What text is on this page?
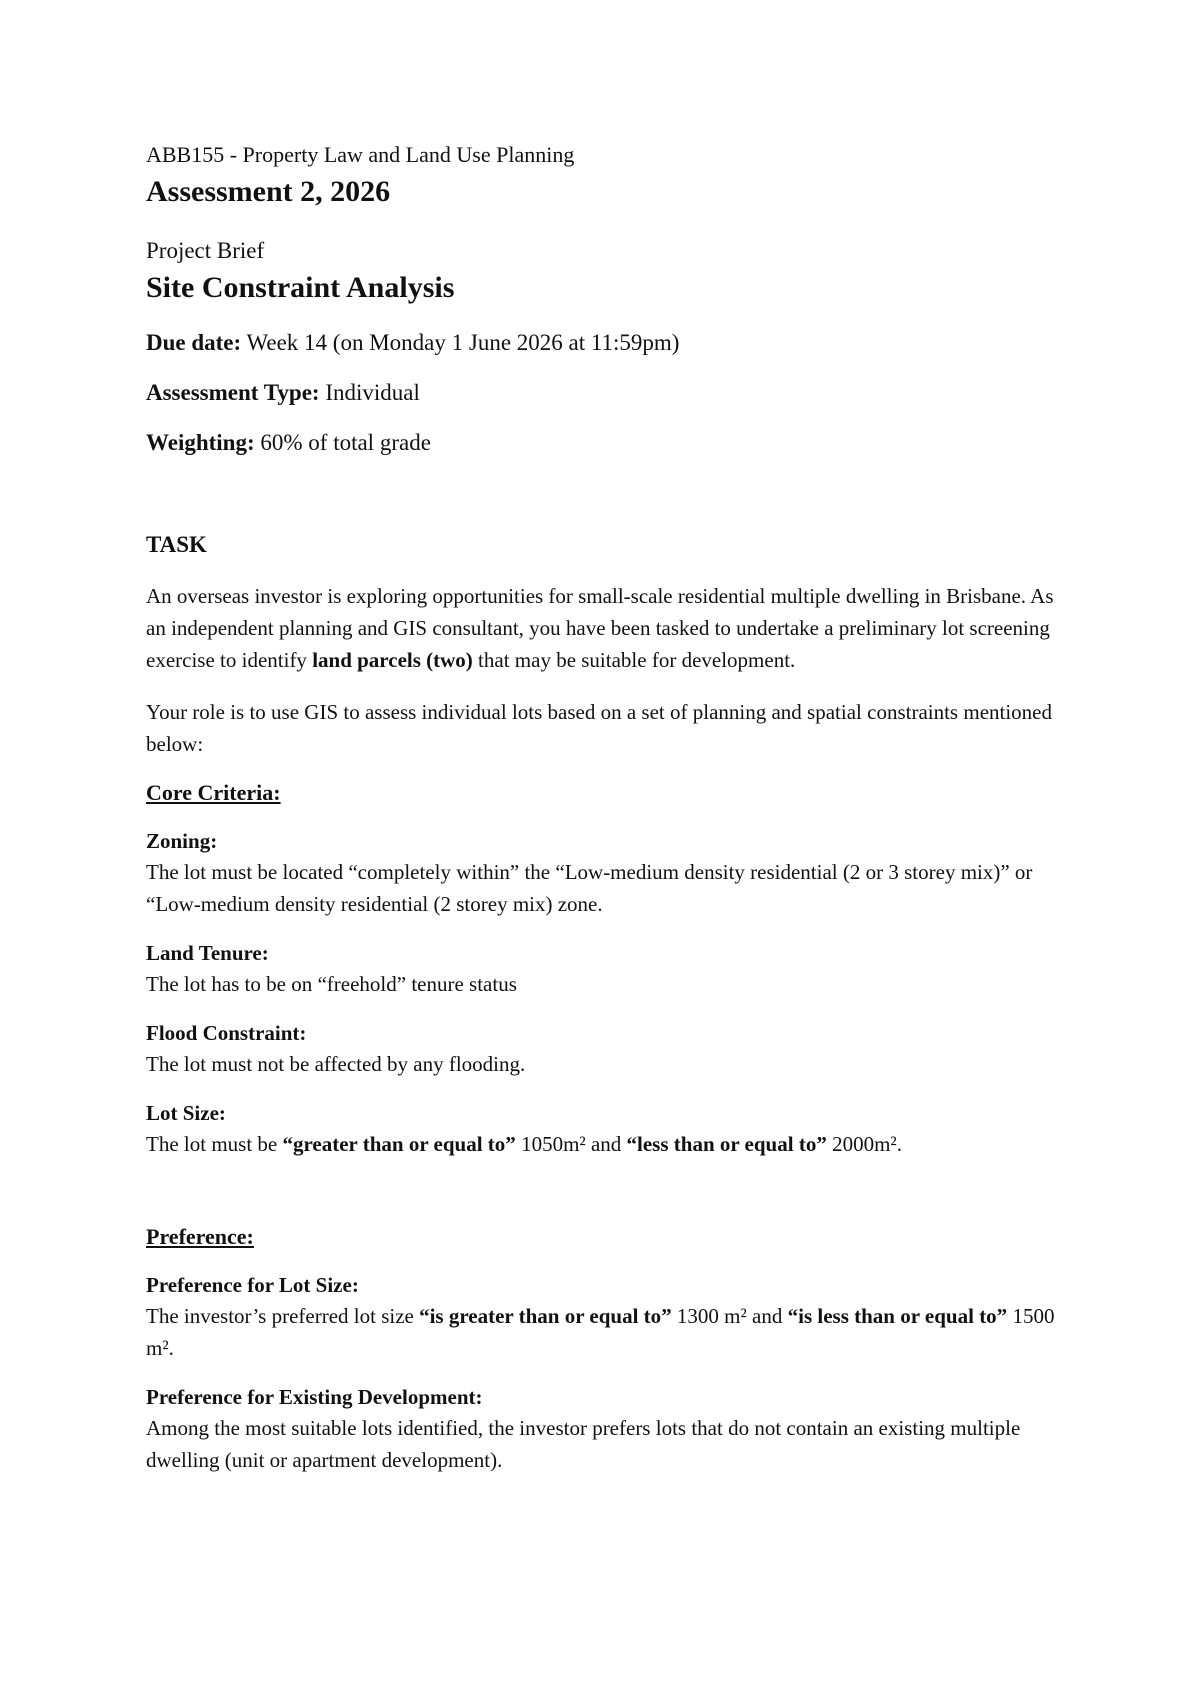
ABB155 - Property Law and Land Use Planning

Assessment 2, 2026

Project Brief

Site Constraint Analysis

Due date: Week 14 (on Monday 1 June 2026 at 11:59pm)

Assessment Type: Individual

Weighting: 60% of total grade

TASK

An overseas investor is exploring opportunities for small-scale residential multiple dwelling in Brisbane. As an independent planning and GIS consultant, you have been tasked to undertake a preliminary lot screening exercise to identify land parcels (two) that may be suitable for development.

Your role is to use GIS to assess individual lots based on a set of planning and spatial constraints mentioned below:

Core Criteria:

Zoning:
The lot must be located “completely within” the “Low-medium density residential (2 or 3 storey mix)” or “Low-medium density residential (2 storey mix) zone.
Land Tenure:
The lot has to be on “freehold” tenure status
Flood Constraint:
The lot must not be affected by any flooding.
Lot Size:
The lot must be “greater than or equal to” 1050m² and “less than or equal to” 2000m².

Preference:

Preference for Lot Size:
The investor’s preferred lot size “is greater than or equal to” 1300 m² and “is less than or equal to” 1500 m².
Preference for Existing Development:
Among the most suitable lots identified, the investor prefers lots that do not contain an existing multiple dwelling (unit or apartment development).
